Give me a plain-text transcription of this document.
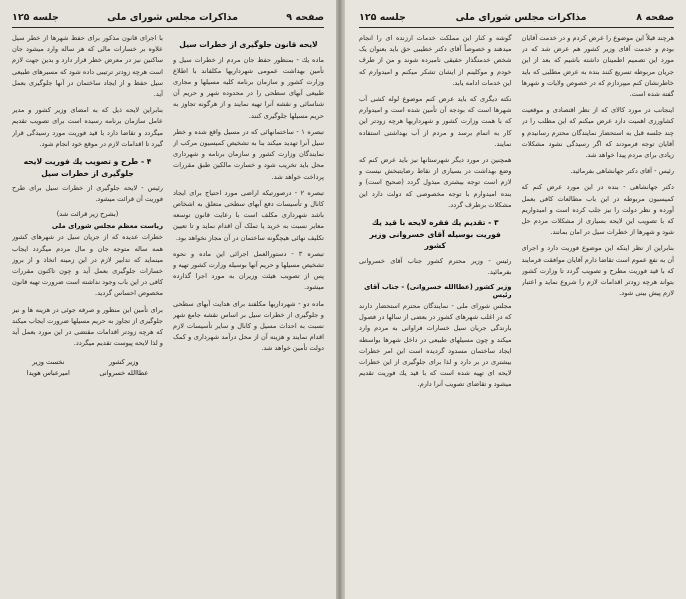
صفحه ۹
مذاکرات مجلس شورای ملی
جلسه ۱۲۵
لایحه قانون جلوگیری از خطرات سیل

ماده یك - بمنظور حفظ جان مردم از خطرات سیل و تأمین بهداشت عمومی شهرداریها مکلفاند با اطلاع وزارت کشور و سازمان برنامه کلیه مسیلها و مجاری طبیعی آبهای سطحی را در محدوده شهر و حریم آن شناسائی و نقشه آنرا تهیه نمایند و از هرگونه تجاوز به حریم مسیلها جلوگیری کنند.

تبصره ۱ - ساختمانهائی که در مسیل واقع شده و خطر سیل آنرا تهدید میکند بنا به تشخیص کمیسیون مرکب از نمایندگان وزارت کشور و سازمان برنامه و شهرداری محل باید تخریب شود و خسارت مالکین طبق مقررات پرداخت خواهد شد.

تبصره ۲ - درصورتیکه اراضی مورد احتیاج برای ایجاد کانال و تأسیسات دفع آبهای سطحی متعلق به اشخاص باشد شهرداری مکلف است با رعایت قانون توسعه معابر نسبت به خرید یا تملک آن اقدام نماید و تا تعیین تکلیف نهائی هیچگونه ساختمان در آن مجاز نخواهد بود.

تبصره ۳ - دستورالعمل اجرائی این ماده و نحوه تشخیص مسیلها و حریم آنها بوسیله وزارت کشور تهیه و پس از تصویب هیئت وزیران به مورد اجرا گذارده میشود.

ماده دو - شهرداریها مکلفند برای هدایت آبهای سطحی و جلوگیری از خطرات سیل بر اساس نقشه جامع شهر نسبت به احداث مسیل و کانال و سایر تأسیسات لازم اقدام نمایند و هزینه آن از محل درآمد شهرداری و کمک دولت تأمین خواهد شد.

با اجرای قانون مذکور برای حفظ شهرها از خطر سیل علاوه بر خسارات مالی که هر ساله وارد میشود جان ساکنین نیز در معرض خطر قرار دارد و بدین جهت لازم است هرچه زودتر ترتیبی داده شود که مسیرهای طبیعی سیل حفظ و از ایجاد ساختمان در آنها جلوگیری بعمل آید.

بنابراین لایحه ذیل که به امضای وزیر کشور و مدیر عامل سازمان برنامه رسیده است برای تصویب تقدیم میگردد و تقاضا دارد با قید فوریت مورد رسیدگی قرار گیرد تا اقدامات لازم در موقع خود انجام شود.

۴ - طرح و تصویب یك فوریت لایحه جلوگیری از خطرات سیل

رئیس - لایحه جلوگیری از خطرات سیل برای طرح فوریت آن قرائت میشود.

(بشرح زیر قرائت شد)
ریاست معظم مجلس شورای ملی

خطرات عدیده که از جریان سیل در شهرهای کشور همه ساله متوجه جان و مال مردم میگردد ایجاب مینماید که تدابیر لازم در این زمینه اتخاذ و از بروز خسارات جلوگیری بعمل آید و چون تاکنون مقررات کافی در این باب وجود نداشته است ضرورت تهیه قانون مخصوص احساس گردید.

برای تأمین این منظور و صرفه جوئی در هزینه ها و نیز جلوگیری از تجاوز به حریم مسیلها ضرورت ایجاب میکند که هرچه زودتر اقدامات مقتضی در این مورد بعمل آید و لذا لایحه پیوست تقدیم میگردد.

وزیر کشور
عطاالله خسروانی
نخست وزیر
امیرعباس هویدا
صفحه ۸
مذاکرات مجلس شورای ملی
جلسه ۱۲۵

هرچند قبلاً این موضوع را عرض کردم و در خدمت آقایان بودم و خدمت آقای وزیر کشور هم عرض شد که در مورد این تصمیم اطمینان داشته باشیم که بعد از این جریان مربوطه تسریع کنند بنده به عرض مطلبی که باید خاطرنشان کنم میپردازم که در خصوص ولایات و شهرها گفته شده است.

اینجانب در مورد کالای که از نظر اقتصادی و موقعیت کشاورزی اهمیت دارد عرض میکنم که این مطلب را در چند جلسه قبل به استحضار نمایندگان محترم رسانیدم و آقایان توجه فرمودند که اگر رسیدگی نشود مشکلات زیادی برای مردم پیدا خواهد شد.

رئیس - آقای دکتر جهانشاهی بفرمائید.

دکتر جهانشاهی - بنده در این مورد عرض کنم که کمیسیون مربوطه در این باب مطالعات کافی بعمل آورده و نظر دولت را نیز جلب کرده است و امیدواریم که با تصویب این لایحه بسیاری از مشکلات مردم حل شود و شهرها از خطرات سیل در امان بمانند.

بنابراین از نظر اینکه این موضوع فوریت دارد و اجرای آن به نفع عموم است تقاضا دارم آقایان موافقت فرمایند که با قید فوریت مطرح و تصویب گردد تا وزارت کشور بتواند هرچه زودتر اقدامات لازم را شروع نماید و اعتبار لازم پیش بینی شود.

گوشه و کنار این مملکت خدمات ارزنده ای را انجام میدهند و خصوصاً آقای دکتر خطیبی حق باید بعنوان یک شخص خدمتگذار حقیقی نامبرده شوند و من از طرف خودم و موکلینم از ایشان تشکر میکنم و امیدوارم که این خدمات ادامه یابد.

نکته دیگری که باید عرض کنم موضوع لوله کشی آب شهرها است که بودجه آن تأمین شده است و امیدوارم که با همت وزارت کشور و شهرداریها هرچه زودتر این کار به اتمام برسد و مردم از آب بهداشتی استفاده نمایند.

همچنین در مورد دیگر شهرستانها نیز باید عرض کنم که وضع بهداشت در بسیاری از نقاط رضایتبخش نیست و لازم است توجه بیشتری مبذول گردد (صحیح است) و بنده امیدوارم با توجه مخصوصی که دولت دارد این مشکلات برطرف گردد.

۳ - تقدیم یك فقره لایحه با قید یك فوریت بوسیله آقای خسروانی وزیر کشور

رئیس - وزیر محترم کشور جناب آقای خسروانی بفرمائید.

وزیر کشور (عطاالله خسروانی) - جناب آقای رئیس

مجلس شورای ملی - نمایندگان محترم استحضار دارند که در اغلب شهرهای کشور در بعضی از سالها در فصول بارندگی جریان سیل خسارات فراوانی به مردم وارد میکند و چون مسیلهای طبیعی در داخل شهرها بواسطه ایجاد ساختمان مسدود گردیده است این امر خطرات بیشتری در بر دارد و لذا برای جلوگیری از این خطرات لایحه ای تهیه شده است که با قید یك فوریت تقدیم میشود و تقاضای تصویب آنرا دارم.
